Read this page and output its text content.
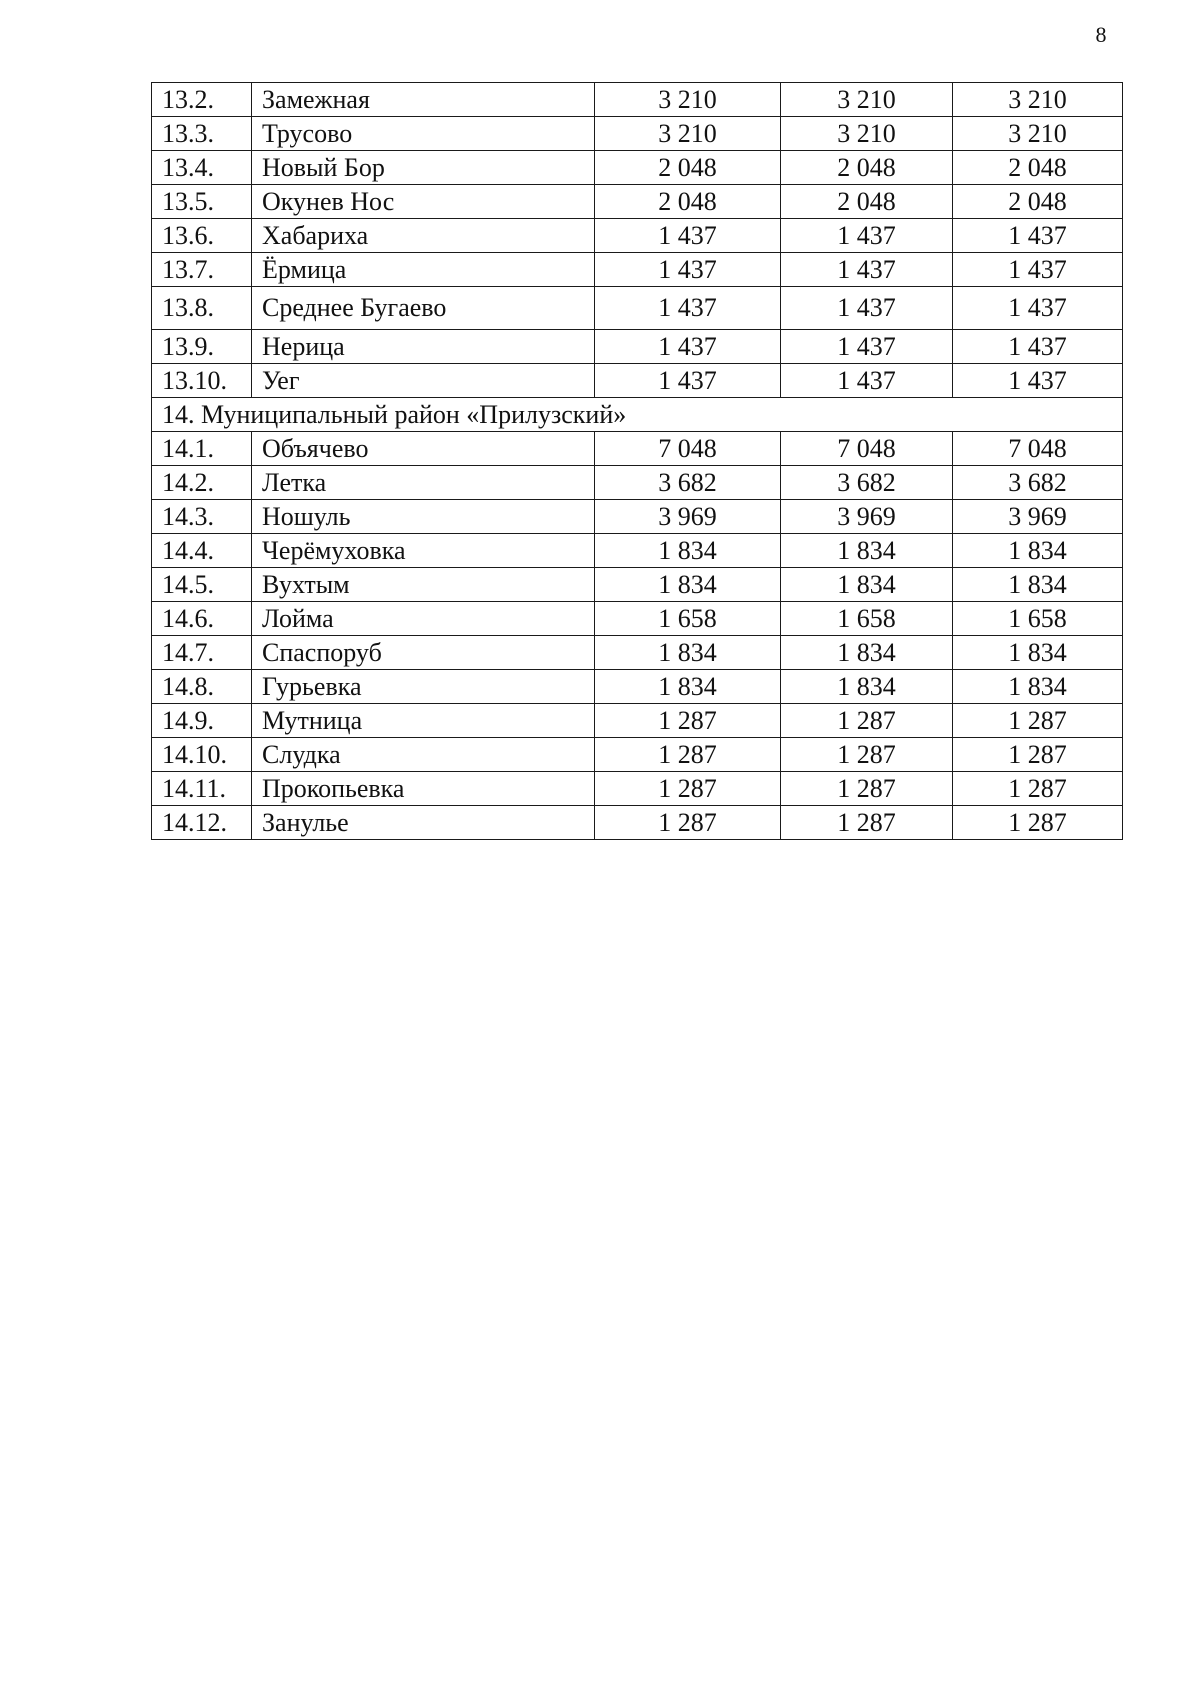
8
13.2.	Замежная	3 210	3 210	3 210
13.3.	Трусово	3 210	3 210	3 210
13.4.	Новый Бор	2 048	2 048	2 048
13.5.	Окунев Нос	2 048	2 048	2 048
13.6.	Хабариха	1 437	1 437	1 437
13.7.	Ёрмица	1 437	1 437	1 437
13.8.	Среднее Бугаево	1 437	1 437	1 437
13.9.	Нерица	1 437	1 437	1 437
13.10.	Уег	1 437	1 437	1 437
14. Муниципальный район «Прилузский»				
14.1.	Объячево	7 048	7 048	7 048
14.2.	Летка	3 682	3 682	3 682
14.3.	Ношуль	3 969	3 969	3 969
14.4.	Черёмуховка	1 834	1 834	1 834
14.5.	Вухтым	1 834	1 834	1 834
14.6.	Лойма	1 658	1 658	1 658
14.7.	Спаспоруб	1 834	1 834	1 834
14.8.	Гурьевка	1 834	1 834	1 834
14.9.	Мутница	1 287	1 287	1 287
14.10.	Слудка	1 287	1 287	1 287
14.11.	Прокопьевка	1 287	1 287	1 287
14.12.	Занулье	1 287	1 287	1 287
